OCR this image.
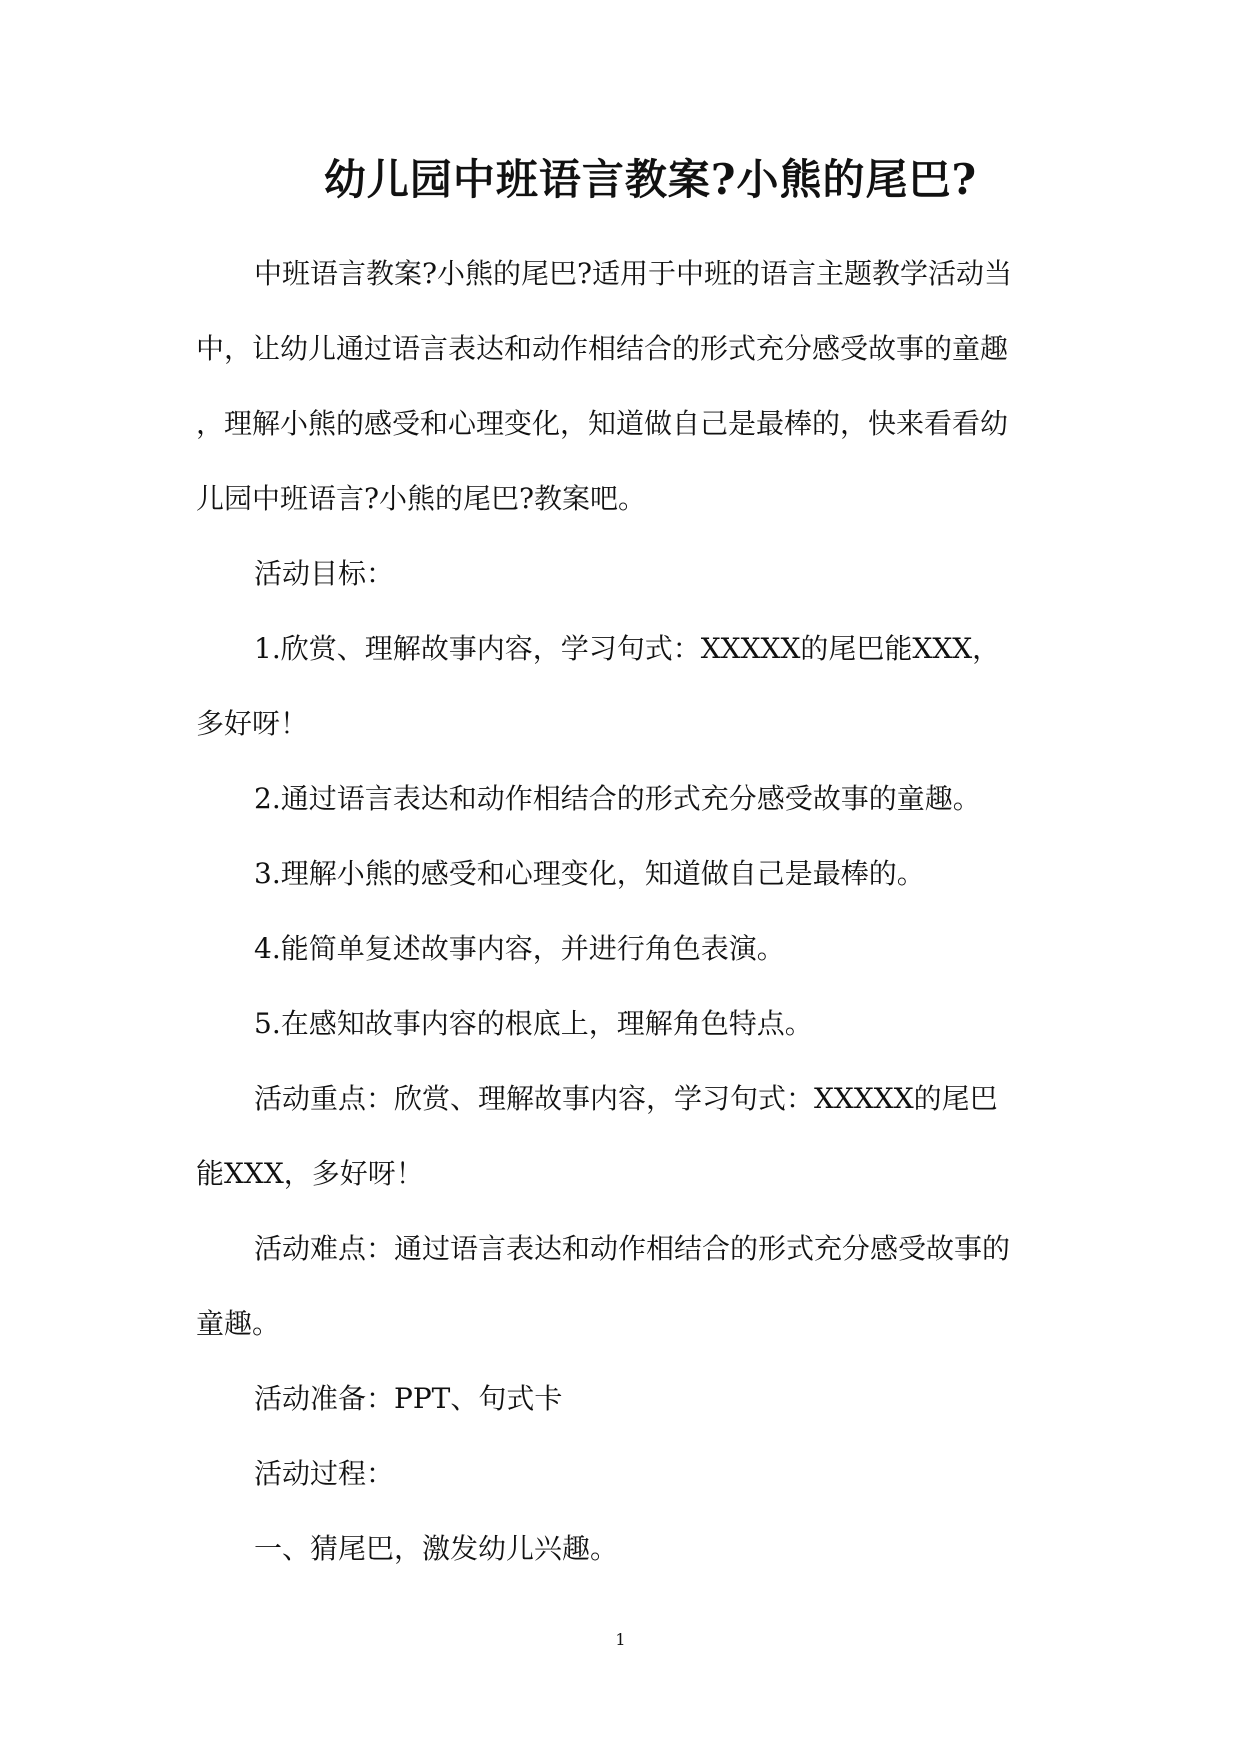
幼儿园中班语言教案?小熊的尾巴?
中班语言教案?小熊的尾巴?适用于中班的语言主题教学活动当
中，让幼儿通过语言表达和动作相结合的形式充分感受故事的童趣
，理解小熊的感受和心理变化，知道做自己是最棒的，快来看看幼
儿园中班语言?小熊的尾巴?教案吧。
活动目标：
1.欣赏、理解故事内容，学习句式：XXXXX的尾巴能XXX，
多好呀！
2.通过语言表达和动作相结合的形式充分感受故事的童趣。
3.理解小熊的感受和心理变化，知道做自己是最棒的。
4.能简单复述故事内容，并进行角色表演。
5.在感知故事内容的根底上，理解角色特点。
活动重点：欣赏、理解故事内容，学习句式：XXXXX的尾巴
能XXX，多好呀！
活动难点：通过语言表达和动作相结合的形式充分感受故事的
童趣。
活动准备：PPT、句式卡
活动过程：
一、猜尾巴，激发幼儿兴趣。
1
